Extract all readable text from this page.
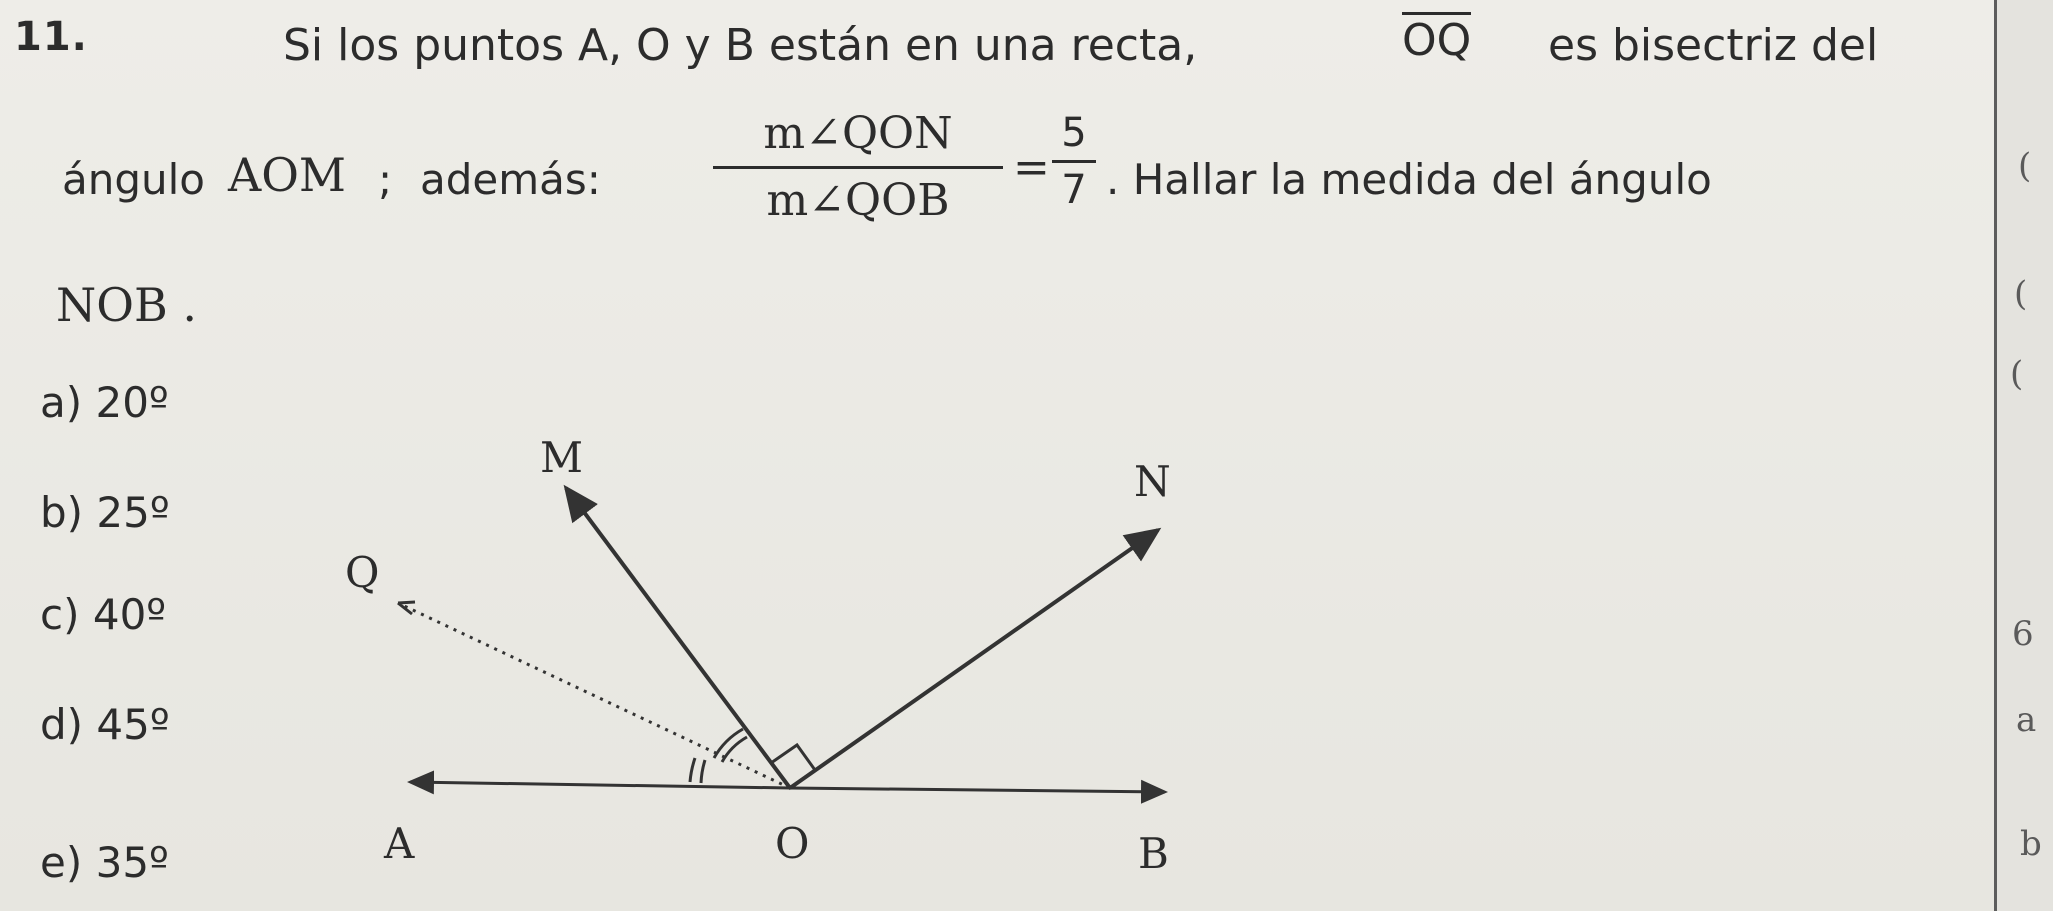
(
(
(
6
a
b
11.	Si los puntos A, O y B están en una recta,	OQ es bisectriz del
ángulo AOM ; además:
m∠QON
m∠QOB
=
5
7 . Hallar la medida del ángulo
NOB .
a) 20º
b) 25º
c) 40º
d) 45º
e) 35º
M	N
Q
A	O	B
